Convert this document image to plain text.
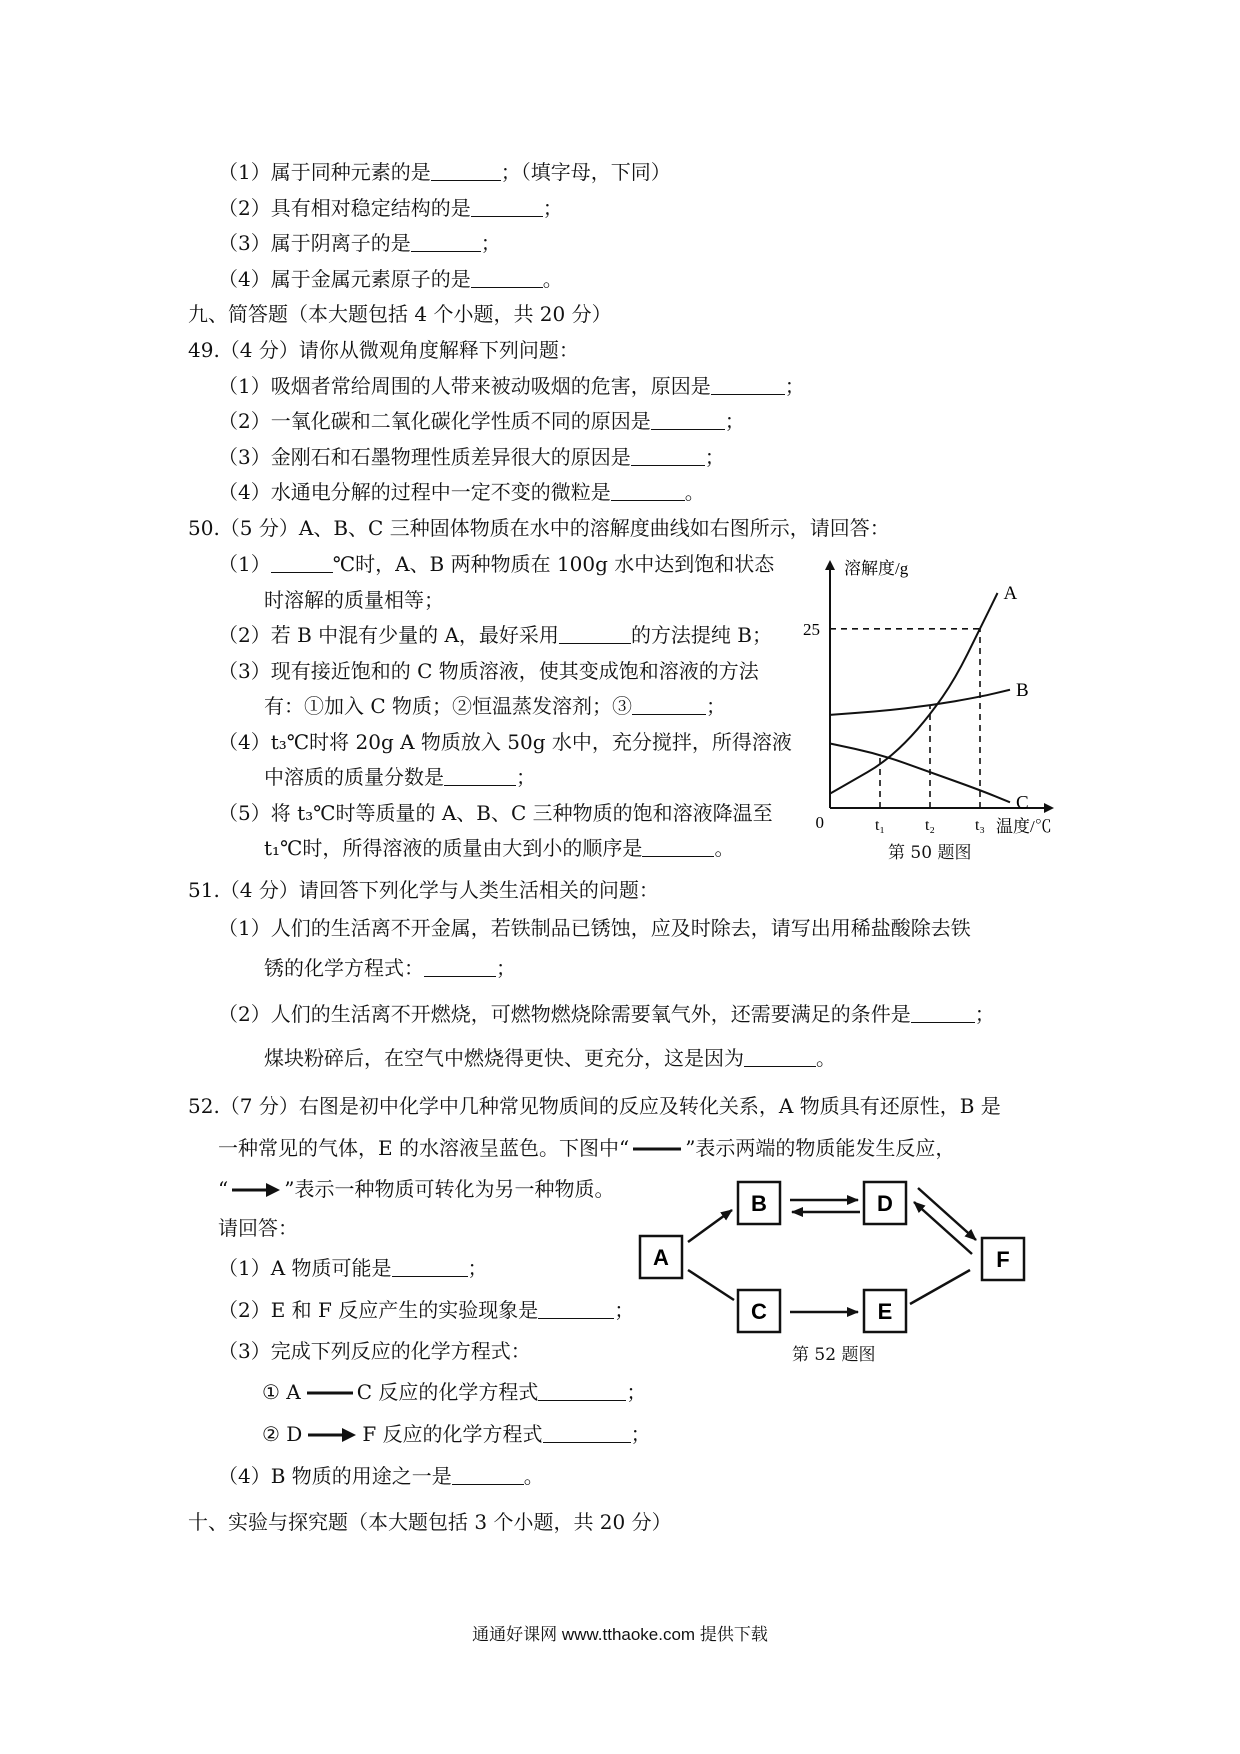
（1）属于同种元素的是	；（填字母，下同）
（2）具有相对稳定结构的是	；
（3）属于阴离子的是	；
（4）属于金属元素原子的是	。
九、简答题（本大题包括 4 个小题，共 20 分）
49.（4 分）请你从微观角度解释下列问题：
（1）吸烟者常给周围的人带来被动吸烟的危害，原因是	；
（2）一氧化碳和二氧化碳化学性质不同的原因是	；
（3）金刚石和石墨物理性质差异很大的原因是	；
（4）水通电分解的过程中一定不变的微粒是	。
50.（5 分）A、B、C 三种固体物质在水中的溶解度曲线如右图所示，请回答：
（1）	℃时，A、B 两种物质在 100g 水中达到饱和状态
时溶解的质量相等；
（2）若 B 中混有少量的 A，最好采用	的方法提纯 B；
（3）现有接近饱和的 C 物质溶液，使其变成饱和溶液的方法
有：①加入 C 物质；②恒温蒸发溶剂；③	；
（4）t₃℃时将 20g A 物质放入 50g 水中，充分搅拌，所得溶液
中溶质的质量分数是	；
（5）将 t₃℃时等质量的 A、B、C 三种物质的饱和溶液降温至
t₁℃时，所得溶液的质量由大到小的顺序是	。
溶解度/g
温度/℃
0
25
t₁ t₂ t₃
A
B
C
第 50 题图
51.（4 分）请回答下列化学与人类生活相关的问题：
（1）人们的生活离不开金属，若铁制品已锈蚀，应及时除去，请写出用稀盐酸除去铁
锈的化学方程式：	；
（2）人们的生活离不开燃烧，可燃物燃烧除需要氧气外，还需要满足的条件是	；
煤块粉碎后，在空气中燃烧得更快、更充分，这是因为	。
52.（7 分）右图是初中化学中几种常见物质间的反应及转化关系，A 物质具有还原性，B 是
一种常见的气体，E 的水溶液呈蓝色。下图中“	”表示两端的物质能发生反应，
“	”表示一种物质可转化为另一种物质。
请回答：
（1）A 物质可能是	；
（2）E 和 F 反应产生的实验现象是	；
（3）完成下列反应的化学方程式：
① A	C 反应的化学方程式	；
② D	F 反应的化学方程式	；
（4）B 物质的用途之一是	。
A
B
C
D
E
F
第 52 题图
十、实验与探究题（本大题包括 3 个小题，共 20 分）
通通好课网 www.tthaoke.com 提供下载
